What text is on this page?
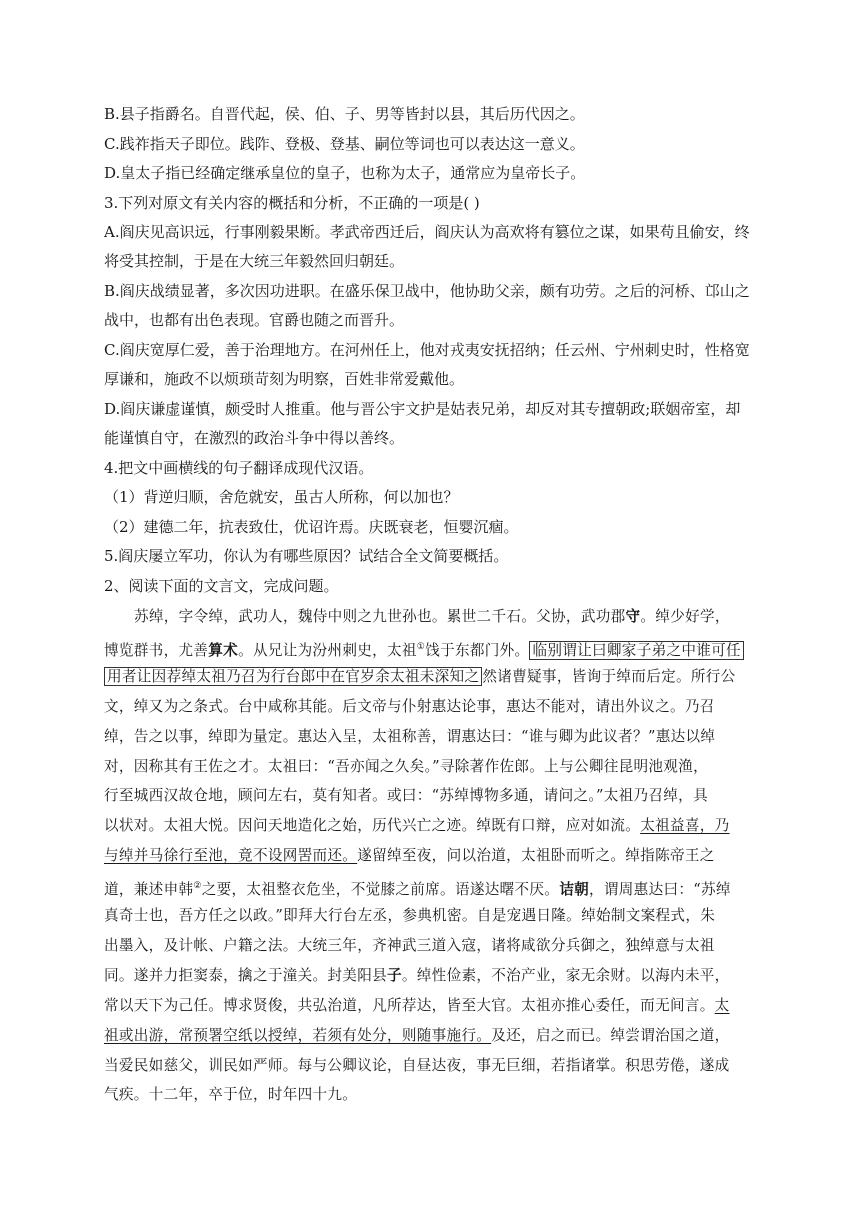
B.县子指爵名。自晋代起，侯、伯、子、男等皆封以县，其后历代因之。
C.践祚指天子即位。践阼、登极、登基、嗣位等词也可以表达这一意义。
D.皇太子指已经确定继承皇位的皇子，也称为太子，通常应为皇帝长子。
3.下列对原文有关内容的概括和分析，不正确的一项是( )
A.阎庆见高识远，行事刚毅果断。孝武帝西迁后，阎庆认为高欢将有篡位之谋，如果苟且偷安，终
将受其控制，于是在大统三年毅然回归朝廷。
B.阎庆战绩显著，多次因功进职。在盛乐保卫战中，他协助父亲，颇有功劳。之后的河桥、邙山之
战中，也都有出色表现。官爵也随之而晋升。
C.阎庆宽厚仁爱，善于治理地方。在河州任上，他对戎夷安抚招纳；任云州、宁州刺史时，性格宽
厚谦和，施政不以烦琐苛刻为明察，百姓非常爱戴他。
D.阎庆谦虚谨慎，颇受时人推重。他与晋公宇文护是姑表兄弟，却反对其专擅朝政;联姻帝室，却
能谨慎自守，在激烈的政治斗争中得以善终。
4.把文中画横线的句子翻译成现代汉语。
（1）背逆归顺，舍危就安，虽古人所称，何以加也？
（2）建德二年，抗表致仕，优诏许焉。庆既衰老，恒婴沉痼。
5.阎庆屡立军功，你认为有哪些原因？试结合全文简要概括。
2、阅读下面的文言文，完成问题。
苏绰，字令绰，武功人，魏侍中则之九世孙也。累世二千石。父协，武功郡守。绰少好学，
博览群书，尤善算术。从兄让为汾州刺史，太祖①饯于东都门外。 临别谓让曰卿家子弟之中谁可任
用者让因荐绰太祖乃召为行台郎中在官岁余太祖未深知之 然诸曹疑事，皆询于绰而后定。所行公
文，绰又为之条式。台中咸称其能。后文帝与仆射惠达论事，惠达不能对，请出外议之。乃召
绰，告之以事，绰即为量定。惠达入呈，太祖称善，谓惠达曰：“谁与卿为此议者？”惠达以绰
对，因称其有王佐之才。太祖曰：“吾亦闻之久矣。”寻除著作佐郎。上与公卿往昆明池观渔，
行至城西汉故仓地，顾问左右，莫有知者。或曰：“苏绰博物多通，请问之。”太祖乃召绰，具
以状对。太祖大悦。因问天地造化之始，历代兴亡之迹。绰既有口辩，应对如流。太祖益喜，乃
与绰并马徐行至池，竟不设网罟而还。遂留绰至夜，问以治道，太祖卧而听之。绰指陈帝王之
道，兼述申韩②之要，太祖整衣危坐，不觉膝之前席。语遂达曙不厌。诘朝，谓周惠达曰：“苏绰
真奇士也，吾方任之以政。”即拜大行台左丞，参典机密。自是宠遇日隆。绰始制文案程式，朱
出墨入，及计帐、户籍之法。大统三年，齐神武三道入寇，诸将咸欲分兵御之，独绰意与太祖
同。遂并力拒窦泰，擒之于潼关。封美阳县子。绰性俭素，不治产业，家无余财。以海内未平，
常以天下为己任。博求贤俊，共弘治道，凡所荐达，皆至大官。太祖亦推心委任，而无间言。太
祖或出游，常预署空纸以授绰，若须有处分，则随事施行。及还，启之而已。绰尝谓治国之道，
当爱民如慈父，训民如严师。每与公卿议论，自昼达夜，事无巨细，若指诸掌。积思劳倦，遂成
气疾。十二年，卒于位，时年四十九。
